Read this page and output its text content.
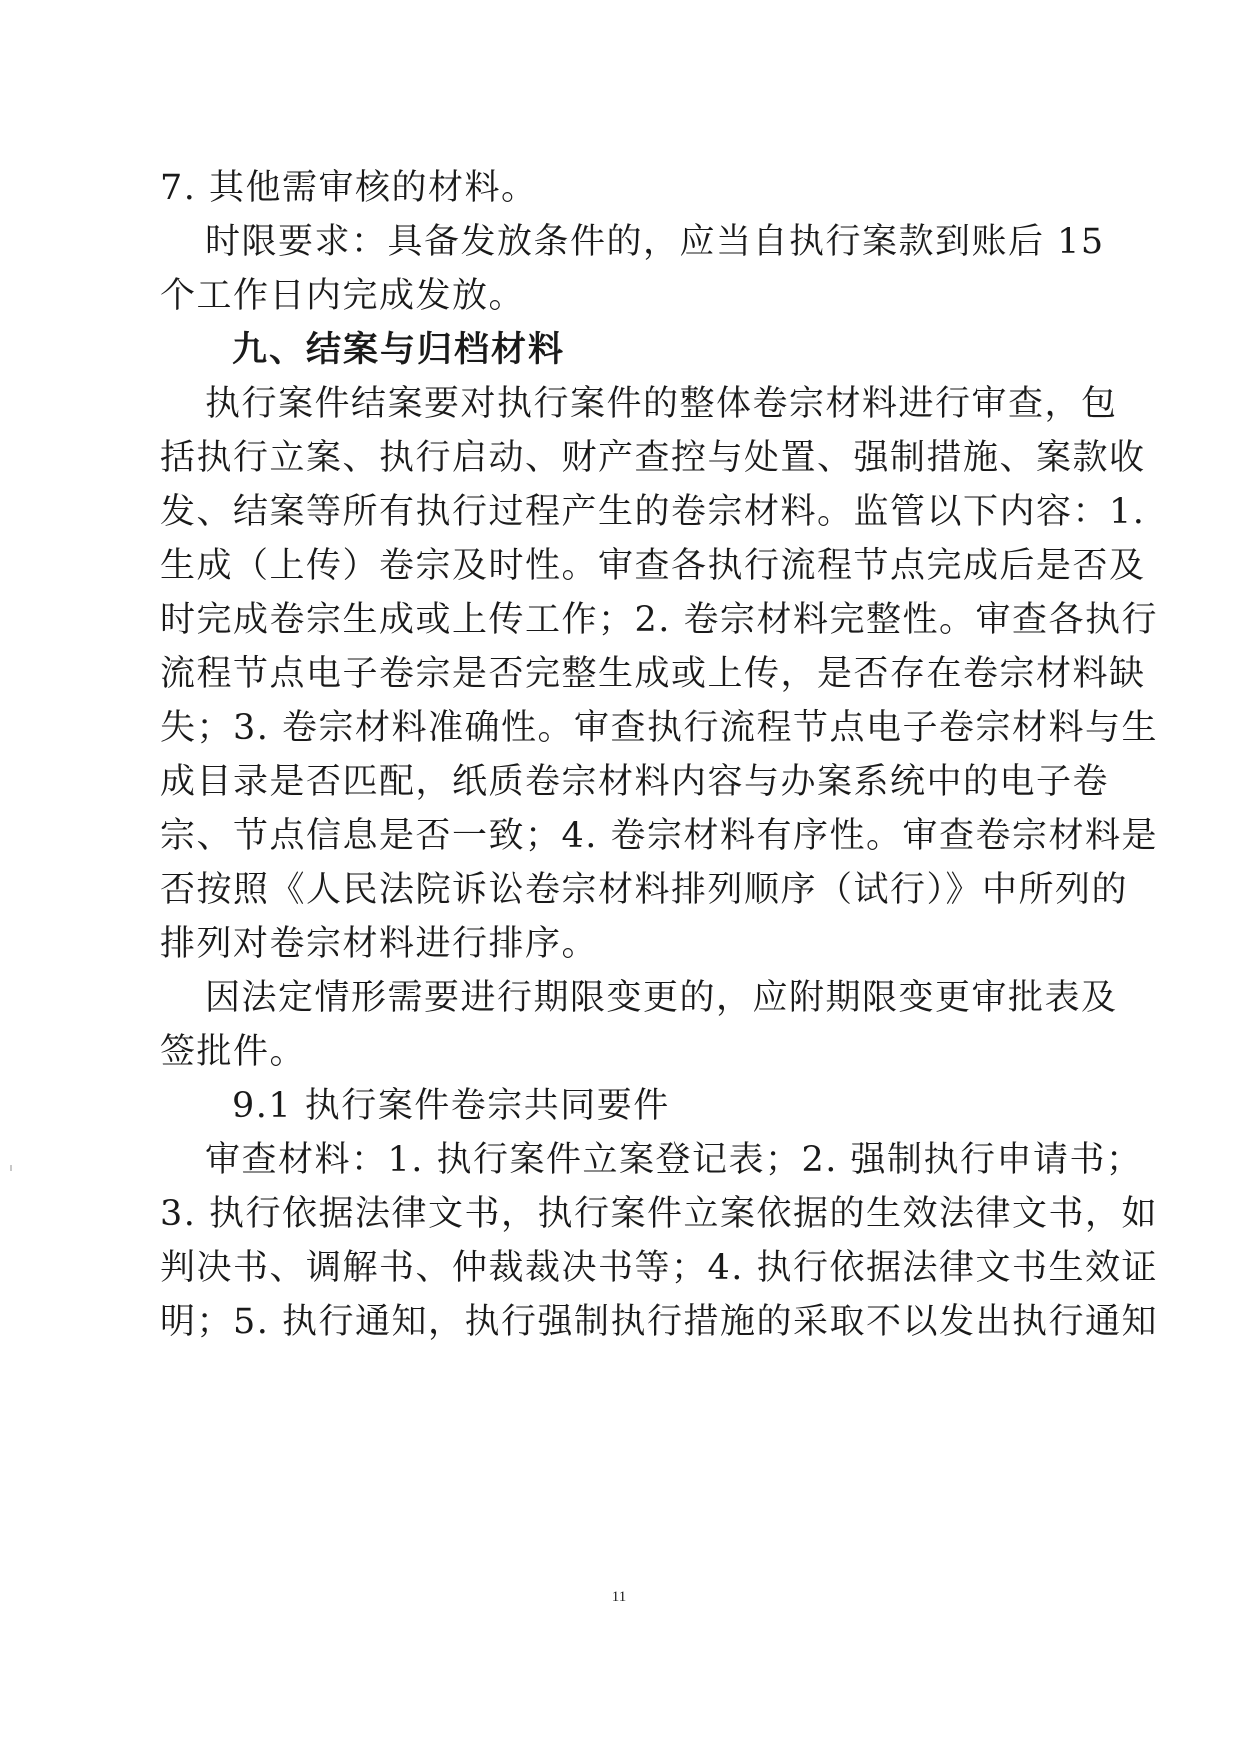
7. 其他需审核的材料。
时限要求：具备发放条件的，应当自执行案款到账后 15
个工作日内完成发放。
九、结案与归档材料
执行案件结案要对执行案件的整体卷宗材料进行审查，包
括执行立案、执行启动、财产查控与处置、强制措施、案款收
发、结案等所有执行过程产生的卷宗材料。监管以下内容：1.
生成（上传）卷宗及时性。审查各执行流程节点完成后是否及
时完成卷宗生成或上传工作；2. 卷宗材料完整性。审查各执行
流程节点电子卷宗是否完整生成或上传，是否存在卷宗材料缺
失；3. 卷宗材料准确性。审查执行流程节点电子卷宗材料与生
成目录是否匹配，纸质卷宗材料内容与办案系统中的电子卷
宗、节点信息是否一致；4. 卷宗材料有序性。审查卷宗材料是
否按照《人民法院诉讼卷宗材料排列顺序（试行）》中所列的
排列对卷宗材料进行排序。
因法定情形需要进行期限变更的，应附期限变更审批表及
签批件。
9.1 执行案件卷宗共同要件
审查材料：1. 执行案件立案登记表；2. 强制执行申请书；
3. 执行依据法律文书，执行案件立案依据的生效法律文书，如
判决书、调解书、仲裁裁决书等；4. 执行依据法律文书生效证
明；5. 执行通知，执行强制执行措施的采取不以发出执行通知
11
